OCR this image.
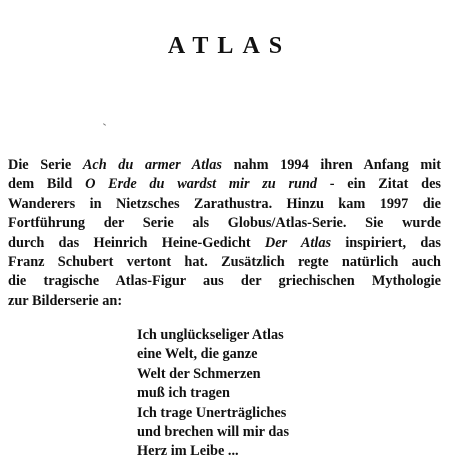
ATLAS
Die Serie Ach du armer Atlas nahm 1994 ihren Anfang mit
dem Bild O Erde du wardst mir zu rund - ein Zitat des
Wanderers in Nietzsches Zarathustra. Hinzu kam 1997 die
Fortführung der Serie als Globus/Atlas-Serie. Sie wurde
durch das Heinrich Heine-Gedicht Der Atlas inspiriert, das
Franz Schubert vertont hat. Zusätzlich regte natürlich auch
die tragische Atlas-Figur aus der griechischen Mythologie
zur Bilderserie an:
Ich unglückseliger Atlas
eine Welt, die ganze
Welt der Schmerzen
muß ich tragen
Ich trage Unerträgliches
und brechen will mir das
Herz im Leibe ...
